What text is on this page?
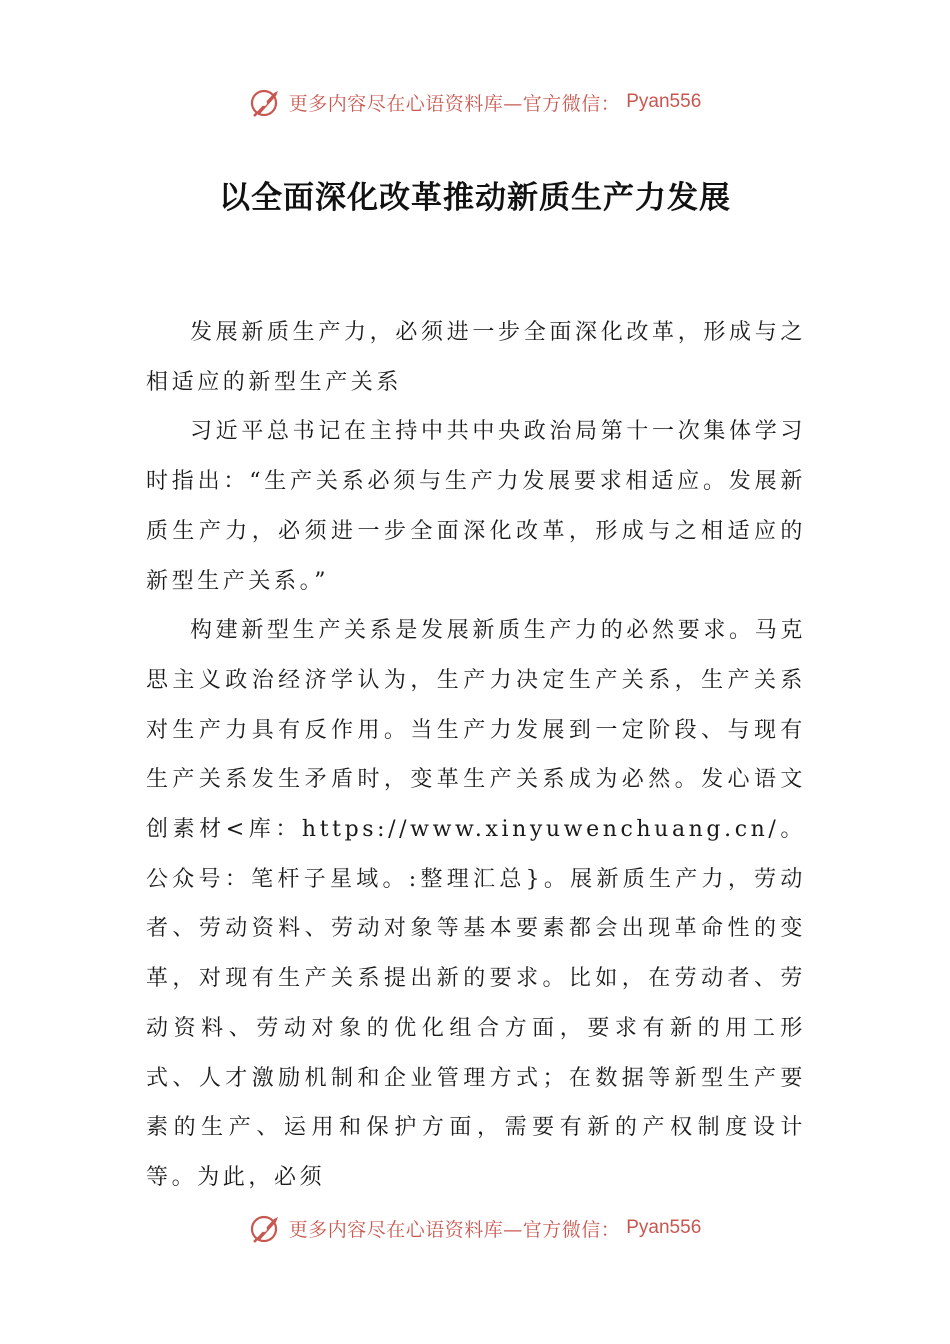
更多内容尽在心语资料库—官方微信： Pyan556
以全面深化改革推动新质生产力发展

发展新质生产力，必须进一步全面深化改革，形成与之相适应的新型生产关系

习近平总书记在主持中共中央政治局第十一次集体学习时指出：“生产关系必须与生产力发展要求相适应。发展新质生产力，必须进一步全面深化改革，形成与之相适应的新型生产关系。”

构建新型生产关系是发展新质生产力的必然要求。马克思主义政治经济学认为，生产力决定生产关系，生产关系对生产力具有反作用。当生产力发展到一定阶段、与现有生产关系发生矛盾时，变革生产关系成为必然。发心语文创素材<库：https://www.xinyuwenchuang.cn/。公众号：笔杆子星域。:整理汇总}。展新质生产力，劳动者、劳动资料、劳动对象等基本要素都会出现革命性的变革，对现有生产关系提出新的要求。比如，在劳动者、劳动资料、劳动对象的优化组合方面，要求有新的用工形式、人才激励机制和企业管理方式；在数据等新型生产要素的生产、运用和保护方面，需要有新的产权制度设计等。为此，必须

更多内容尽在心语资料库—官方微信： Pyan556
